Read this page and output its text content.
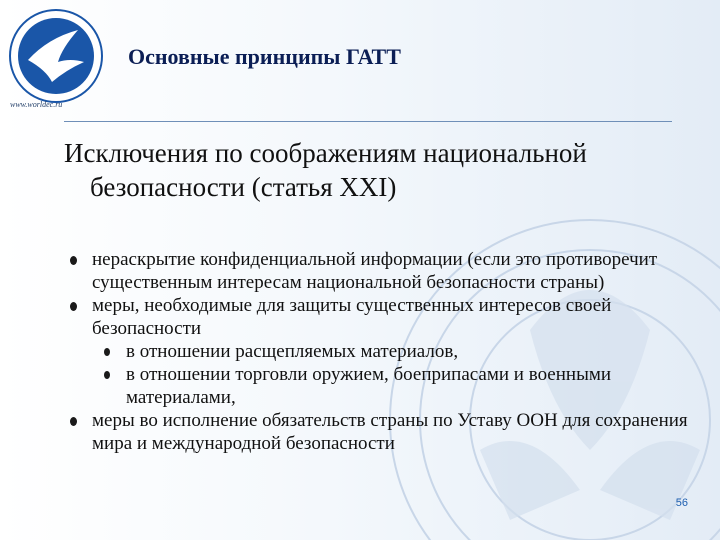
www.worldec.ru
Основные принципы ГАТТ
Исключения по соображениям национальной безопасности (статья XXI)

нераскрытие конфиденциальной информации (если это противоречит существенным интересам национальной безопасности страны)

меры, необходимые для защиты существенных интересов своей безопасности

в отношении расщепляемых материалов,

в отношении торговли оружием, боеприпасами и военными материалами,

меры во исполнение обязательств страны по Уставу ООН для сохранения мира и международной безопасности

56
